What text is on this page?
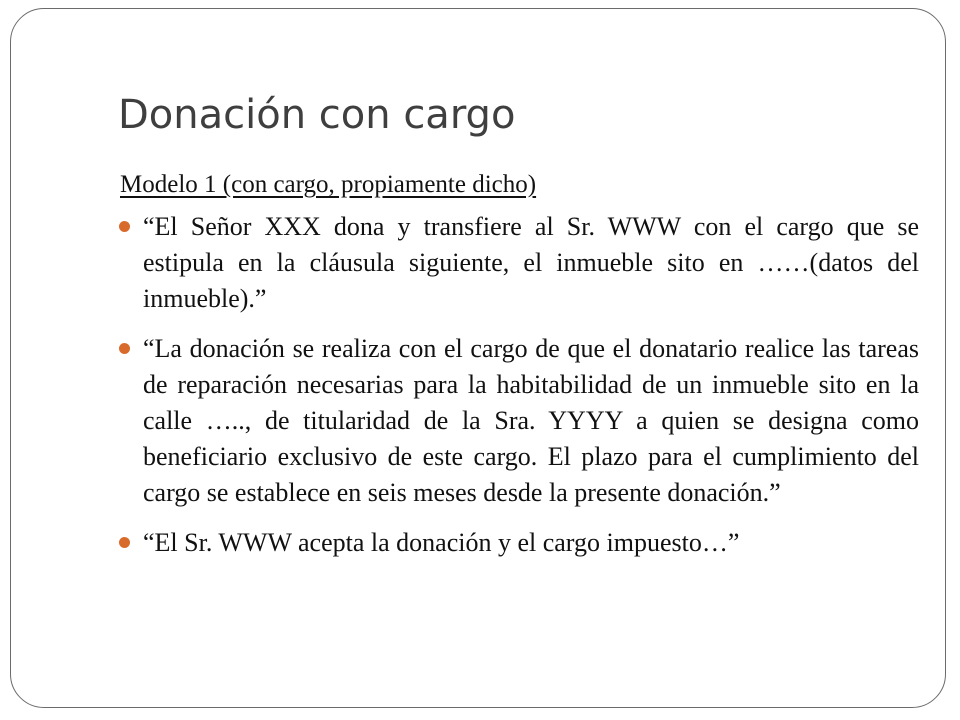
Donación con cargo

Modelo 1 (con cargo, propiamente dicho)

“El Señor XXX dona y transfiere al Sr. WWW con el cargo que se estipula en la cláusula siguiente, el inmueble sito en ……(datos del inmueble).”
“La donación se realiza con el cargo de que el donatario realice las tareas de reparación necesarias para la habitabilidad de un inmueble sito en la calle ….., de titularidad de la Sra. YYYY a quien se designa como beneficiario exclusivo de este cargo. El plazo para el cumplimiento del cargo se establece en seis meses desde la presente donación.”
“El Sr. WWW acepta la donación y el cargo impuesto…”
